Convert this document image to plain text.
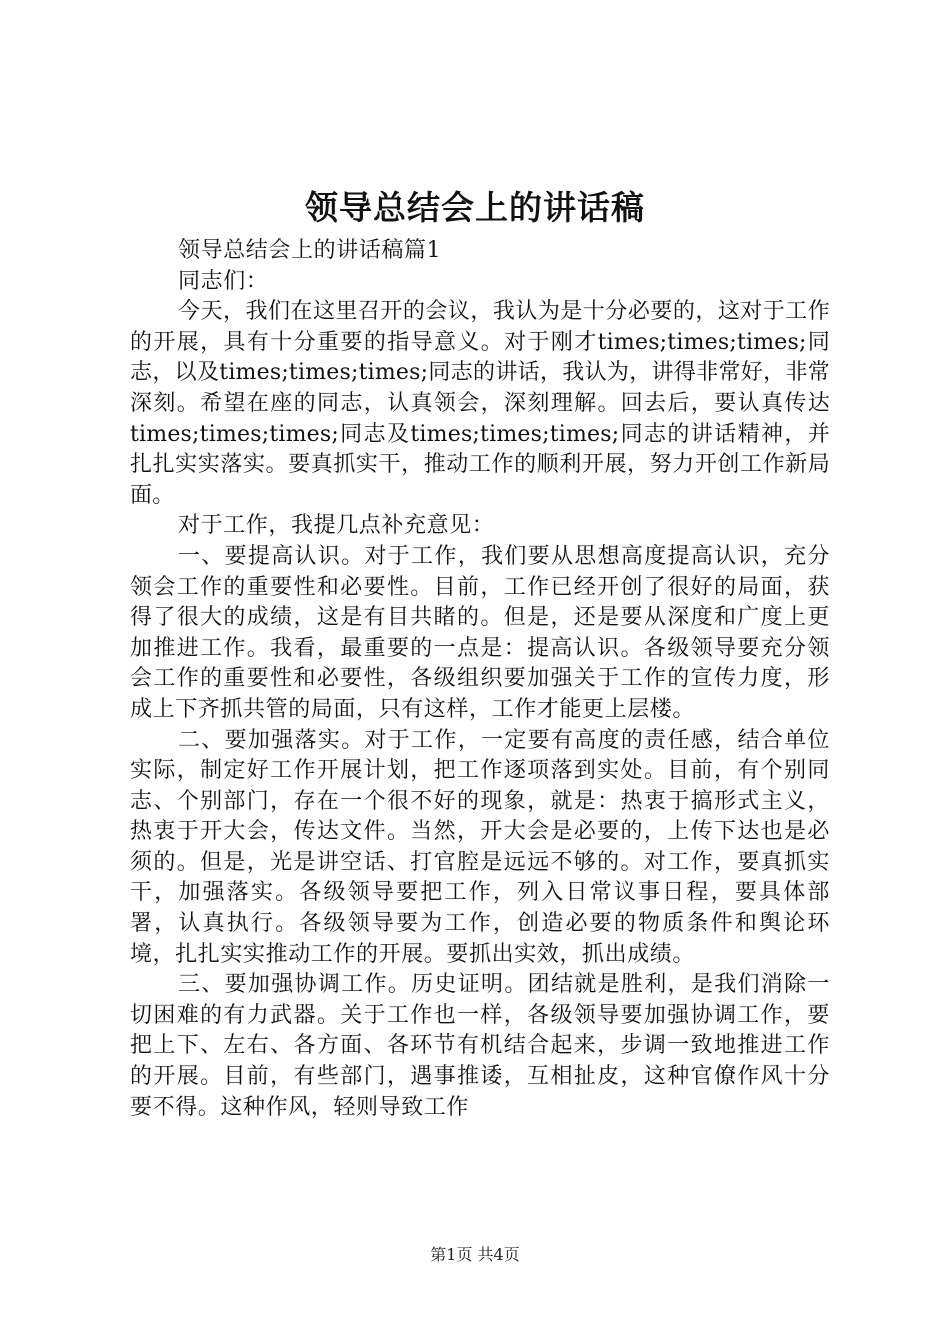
领导总结会上的讲话稿

领导总结会上的讲话稿篇1

同志们：

今天，我们在这里召开的会议，我认为是十分必要的，这对于工作的开展，具有十分重要的指导意义。对于刚才times;times;times;同志，以及times;times;times;同志的讲话，我认为，讲得非常好，非常深刻。希望在座的同志，认真领会，深刻理解。回去后，要认真传达times;times;times;同志及times;times;times;同志的讲话精神，并扎扎实实落实。要真抓实干，推动工作的顺利开展，努力开创工作新局面。

对于工作，我提几点补充意见：

一、要提高认识。对于工作，我们要从思想高度提高认识，充分领会工作的重要性和必要性。目前，工作已经开创了很好的局面，获得了很大的成绩，这是有目共睹的。但是，还是要从深度和广度上更加推进工作。我看，最重要的一点是：提高认识。各级领导要充分领会工作的重要性和必要性，各级组织要加强关于工作的宣传力度，形成上下齐抓共管的局面，只有这样，工作才能更上层楼。

二、要加强落实。对于工作，一定要有高度的责任感，结合单位实际，制定好工作开展计划，把工作逐项落到实处。目前，有个别同志、个别部门，存在一个很不好的现象，就是：热衷于搞形式主义，热衷于开大会，传达文件。当然，开大会是必要的，上传下达也是必须的。但是，光是讲空话、打官腔是远远不够的。对工作，要真抓实干，加强落实。各级领导要把工作，列入日常议事日程，要具体部署，认真执行。各级领导要为工作，创造必要的物质条件和舆论环境，扎扎实实推动工作的开展。要抓出实效，抓出成绩。

三、要加强协调工作。历史证明。团结就是胜利，是我们消除一切困难的有力武器。关于工作也一样，各级领导要加强协调工作，要把上下、左右、各方面、各环节有机结合起来，步调一致地推进工作的开展。目前，有些部门，遇事推诿，互相扯皮，这种官僚作风十分要不得。这种作风，轻则导致工作

第1页 共4页
